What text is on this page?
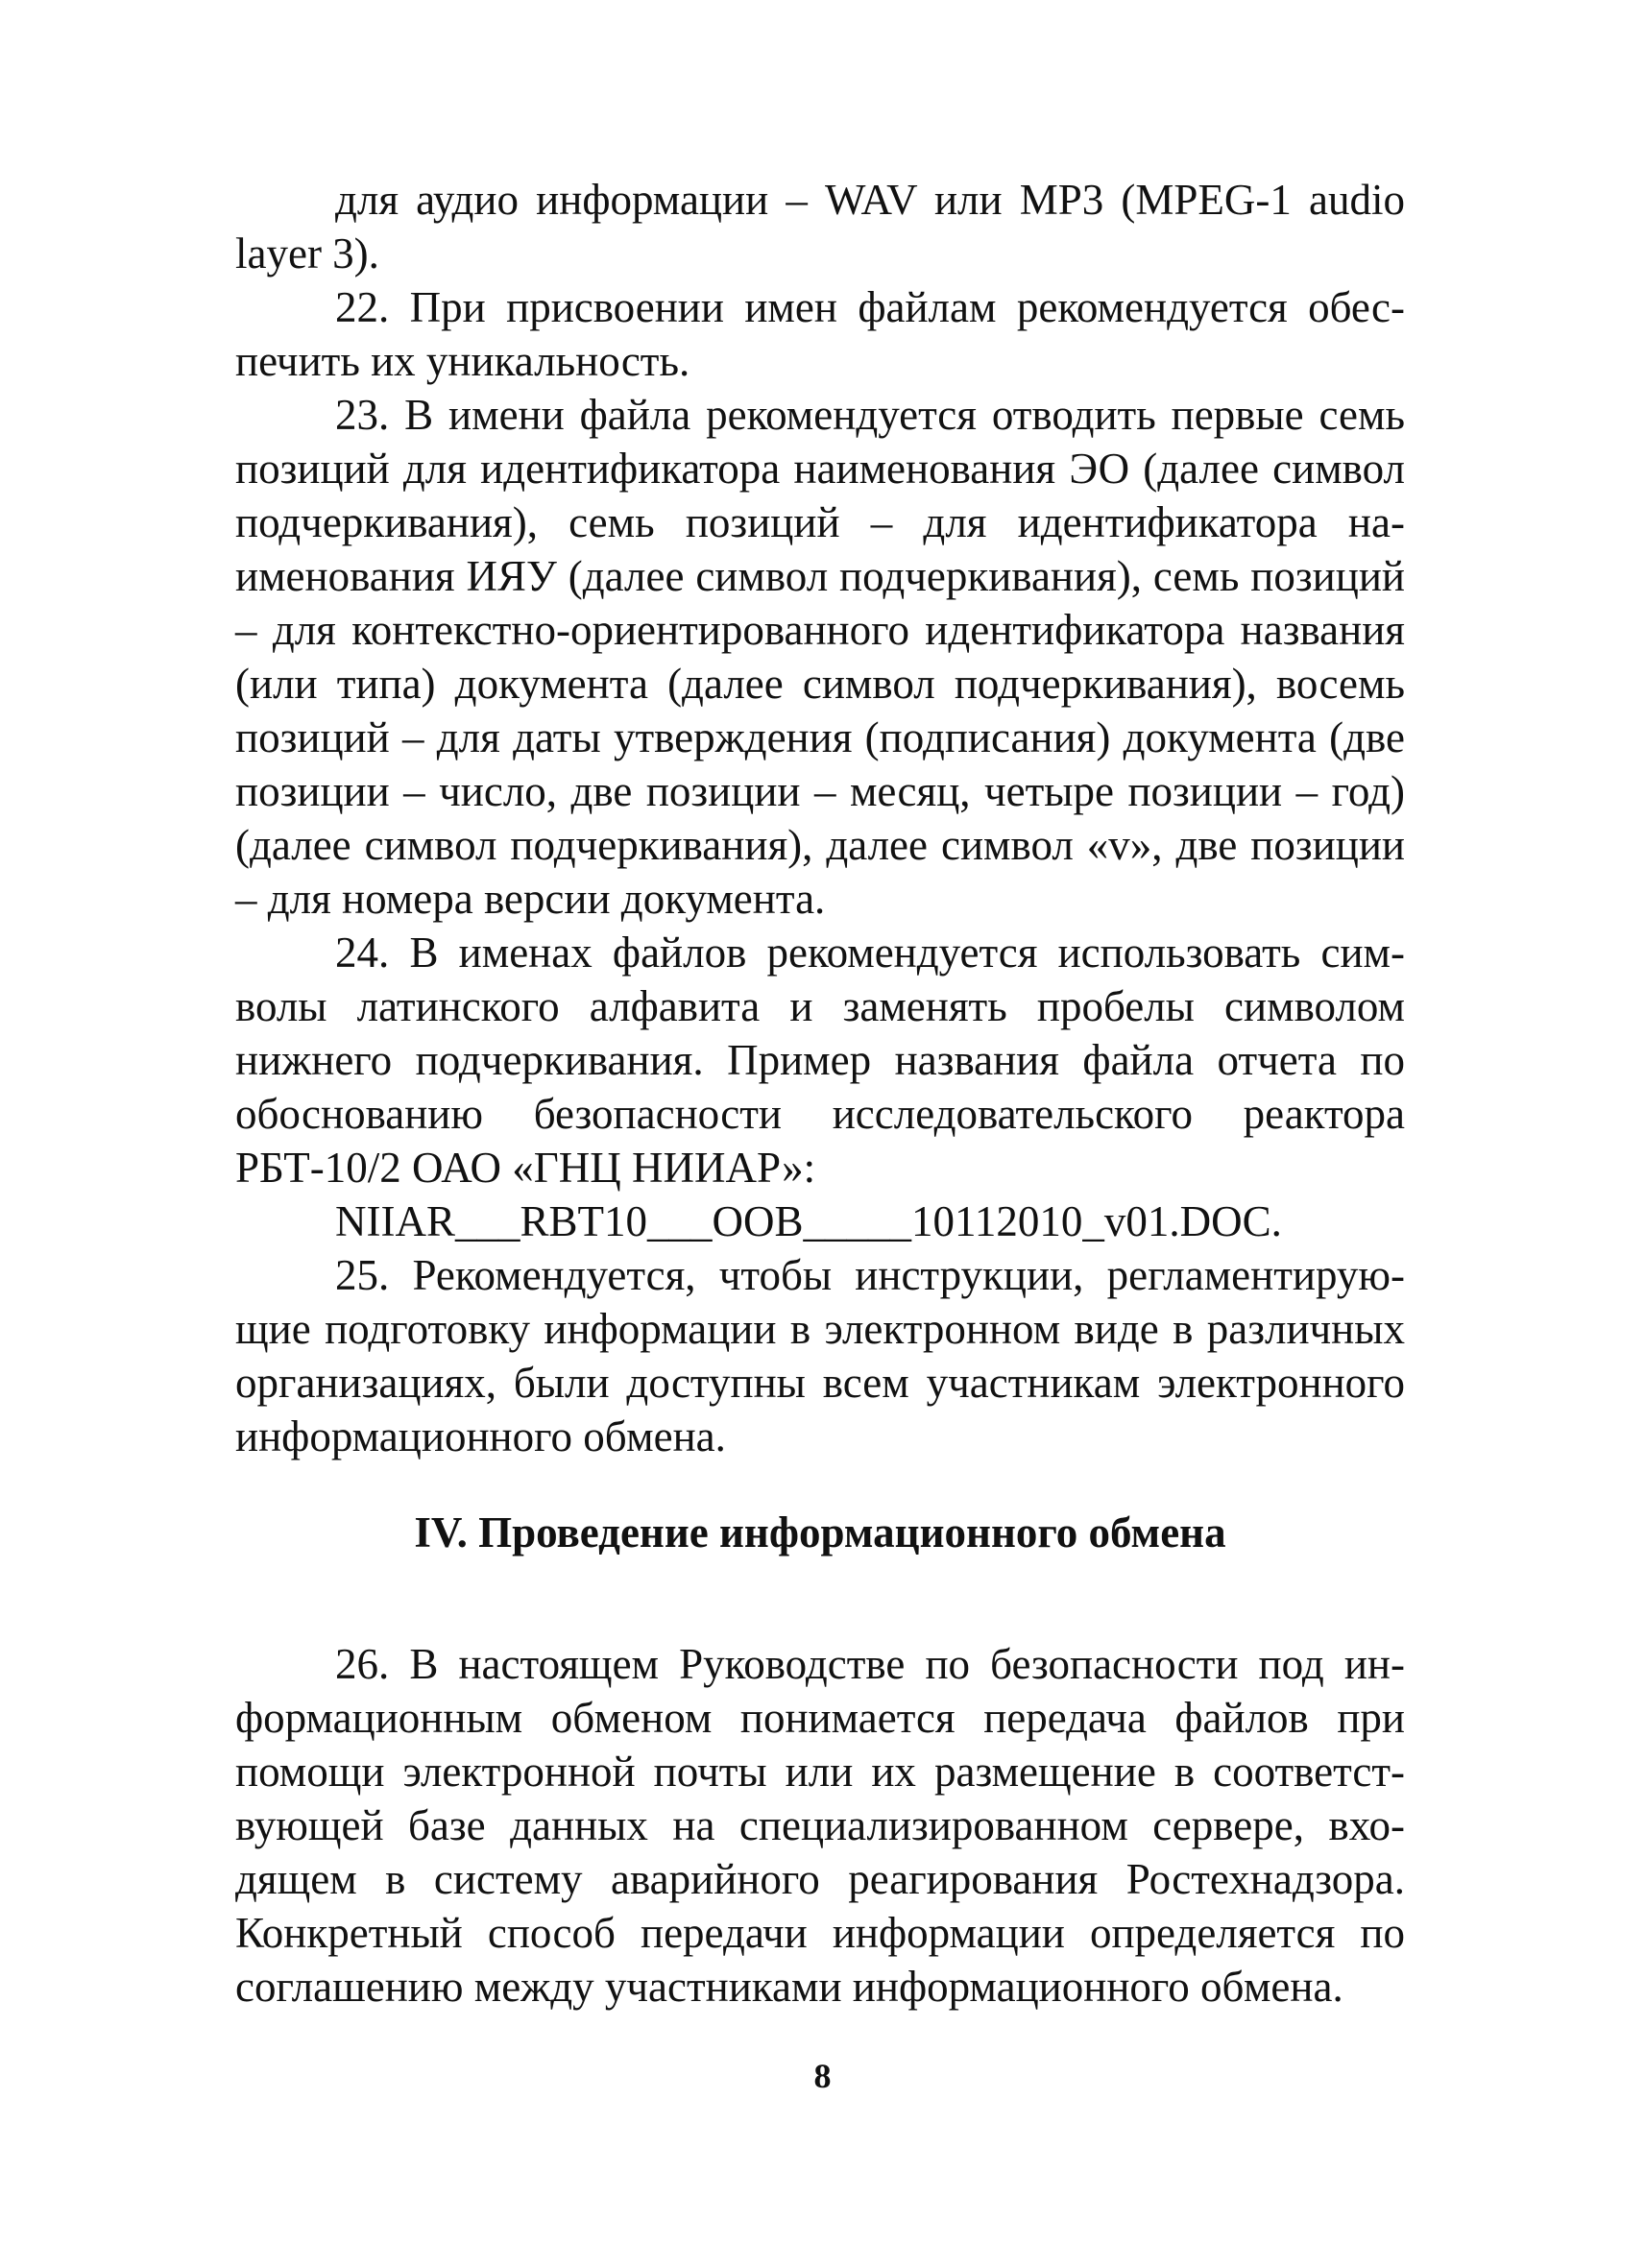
для аудио информации – WAV или MP3 (MPEG-1 audio layer 3).

22. При присвоении имен файлам рекомендуется обеспечить их уникальность.

23. В имени файла рекомендуется отводить первые семь позиций для идентификатора наименования ЭО (далее символ подчеркивания), семь позиций – для идентификатора наименования ИЯУ (далее символ подчеркивания), семь позиций – для контекстно-ориентированного идентификатора названия (или типа) документа (далее символ подчеркивания), восемь позиций – для даты утверждения (подписания) документа (две позиции – число, две позиции – месяц, четыре позиции – год) (далее символ подчеркивания), далее символ «v», две позиции – для номера версии документа.

24. В именах файлов рекомендуется использовать символы латинского алфавита и заменять пробелы символом нижнего подчеркивания. Пример названия файла отчета по обоснованию безопасности исследовательского реактора РБТ-10/2 ОАО «ГНЦ НИИАР»:

NIIAR___RBT10___OOB_____10112010_v01.DOC.

25. Рекомендуется, чтобы инструкции, регламентирующие подготовку информации в электронном виде в различных организациях, были доступны всем участникам электронного информационного обмена.

IV. Проведение информационного обмена

26. В настоящем Руководстве по безопасности под информационным обменом понимается передача файлов при помощи электронной почты или их размещение в соответствующей базе данных на специализированном сервере, входящем в систему аварийного реагирования Ростехнадзора. Конкретный способ передачи информации определяется по соглашению между участниками информационного обмена.

8
